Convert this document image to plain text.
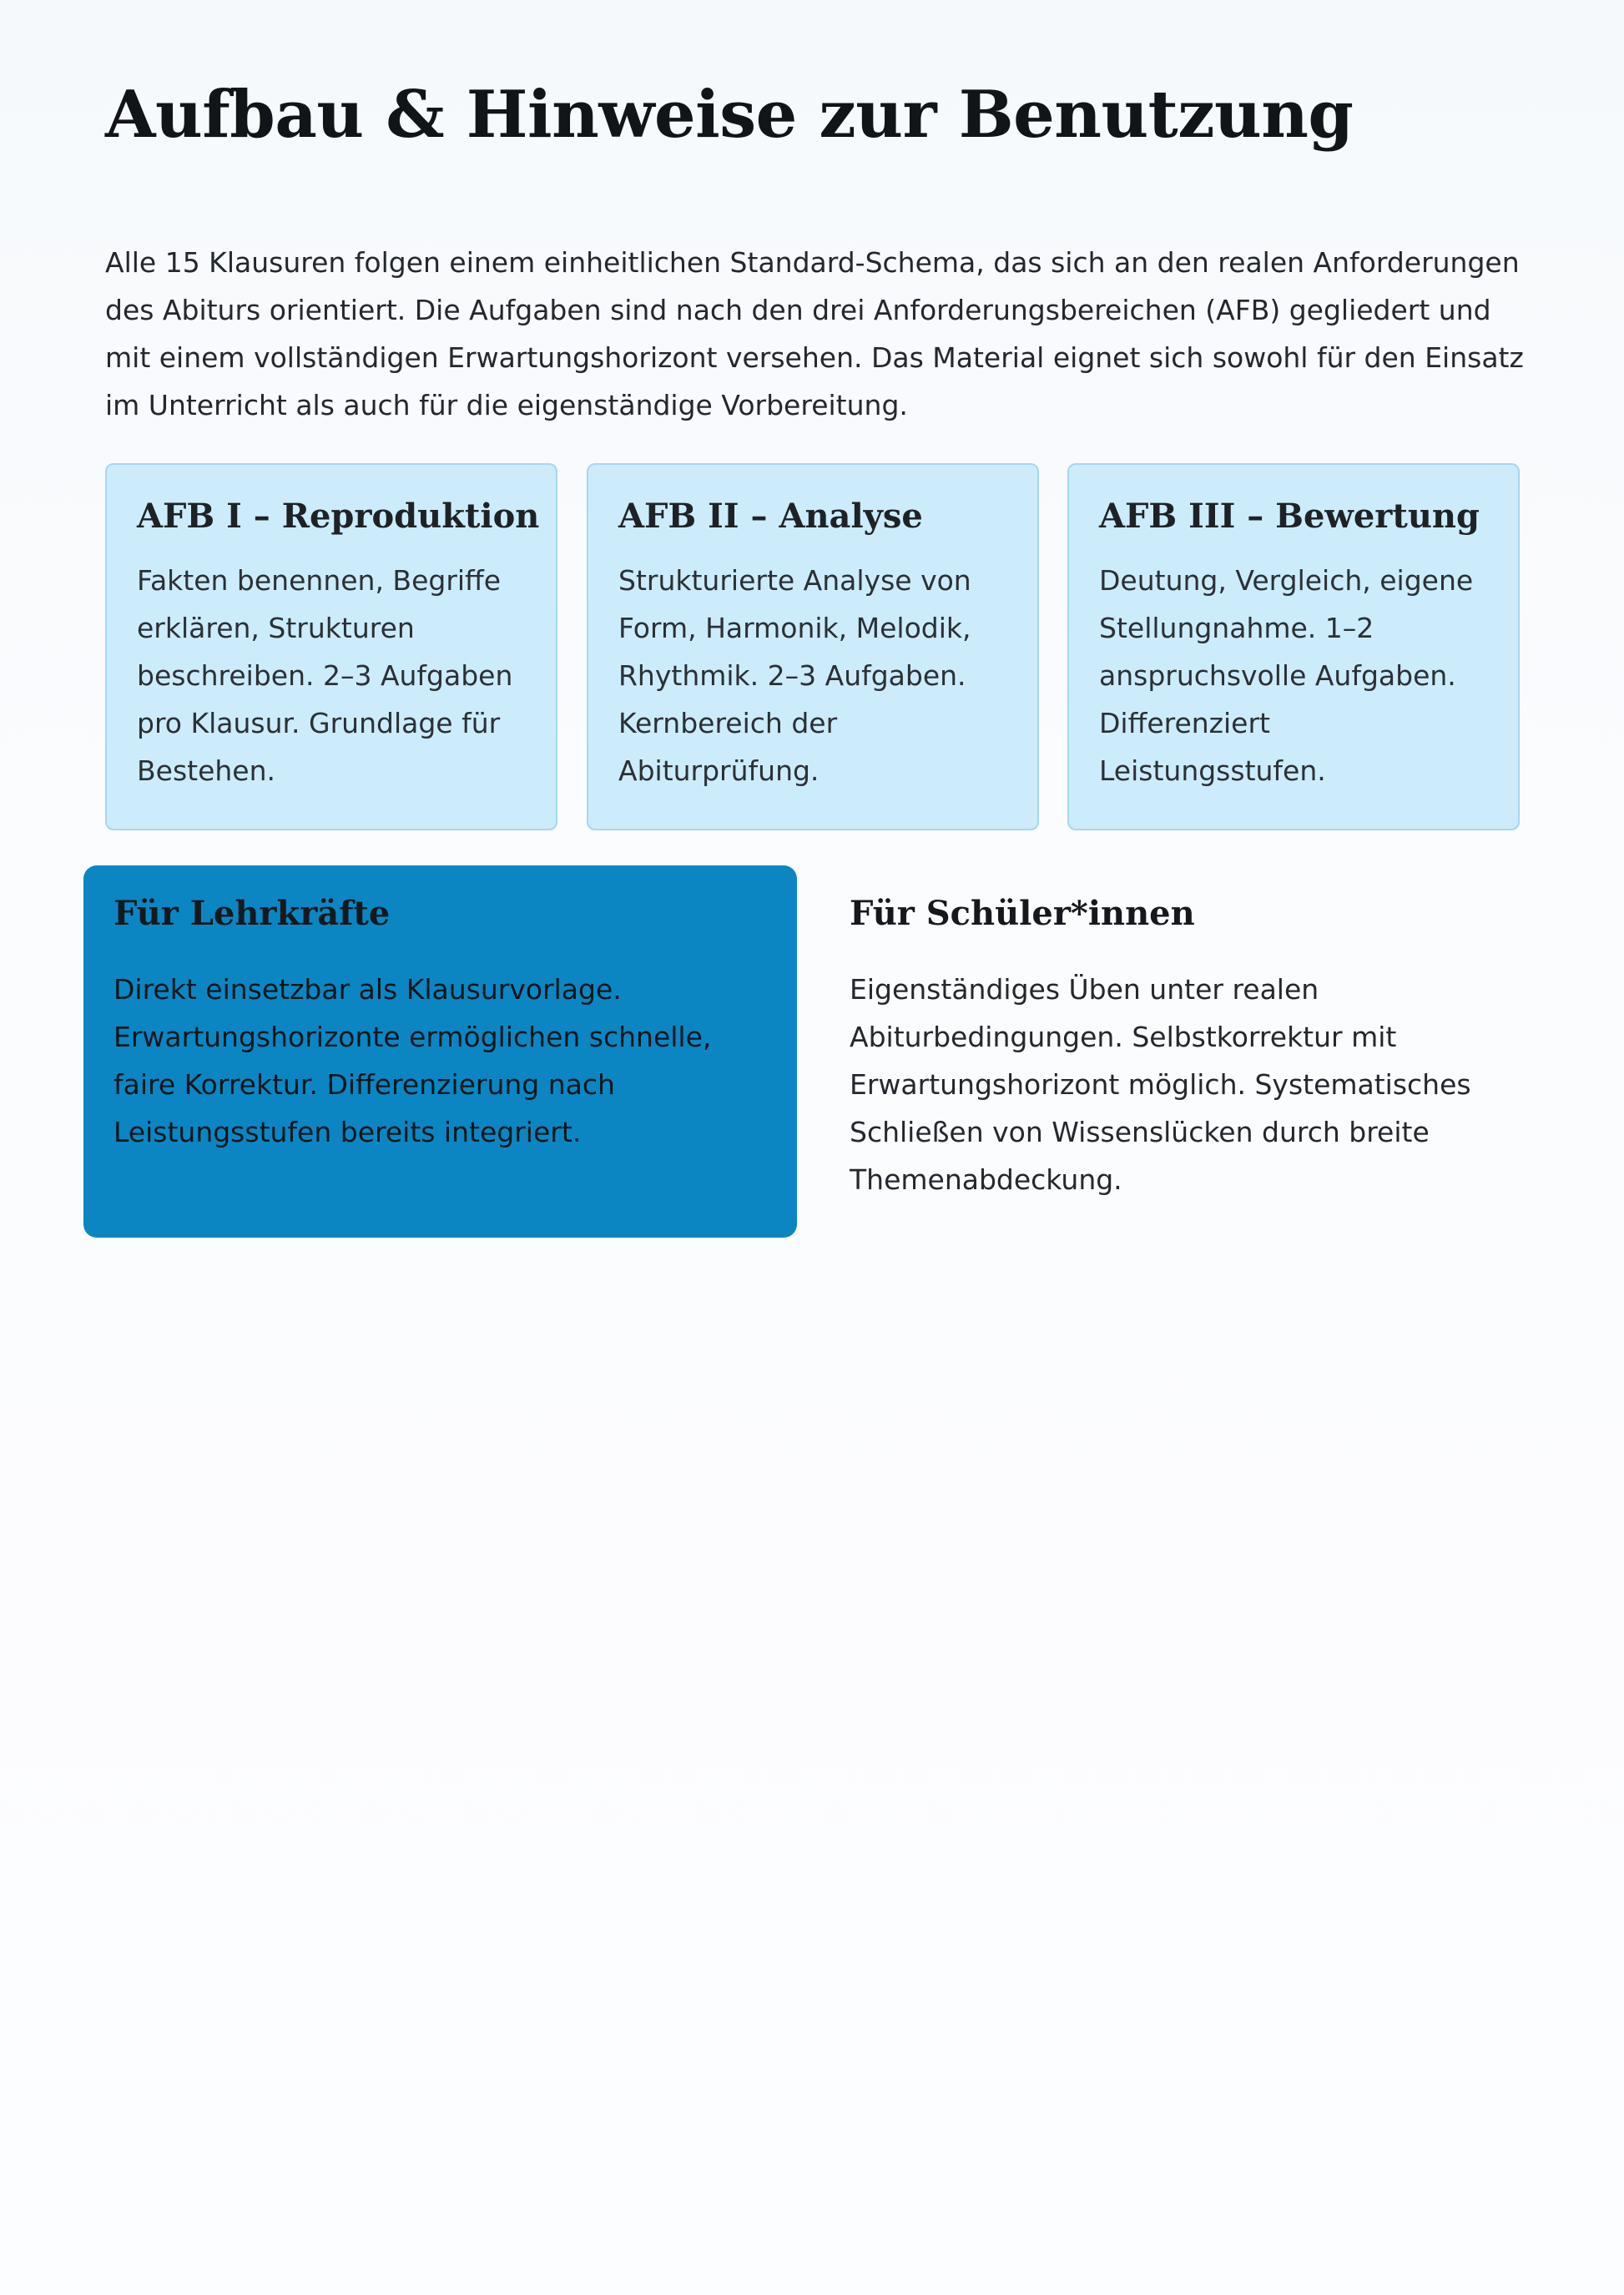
Aufbau & Hinweise zur Benutzung

Alle 15 Klausuren folgen einem einheitlichen Standard-Schema, das sich an den realen Anforderungen des Abiturs orientiert. Die Aufgaben sind nach den drei Anforderungsbereichen (AFB) gegliedert und mit einem vollständigen Erwartungshorizont versehen. Das Material eignet sich sowohl für den Einsatz im Unterricht als auch für die eigenständige Vorbereitung.

AFB I – Reproduktion

Fakten benennen, Begriffe erklären, Strukturen beschreiben. 2–3 Aufgaben pro Klausur. Grundlage für Bestehen.

AFB II – Analyse

Strukturierte Analyse von Form, Harmonik, Melodik, Rhythmik. 2–3 Aufgaben. Kernbereich der Abiturprüfung.

AFB III – Bewertung

Deutung, Vergleich, eigene Stellungnahme. 1–2 anspruchsvolle Aufgaben. Differenziert Leistungsstufen.

Für Lehrkräfte

Direkt einsetzbar als Klausurvorlage. Erwartungshorizonte ermöglichen schnelle, faire Korrektur. Differenzierung nach Leistungsstufen bereits integriert.

Für Schüler*innen

Eigenständiges Üben unter realen Abiturbedingungen. Selbstkorrektur mit Erwartungshorizont möglich. Systematisches Schließen von Wissenslücken durch breite Themenabdeckung.
